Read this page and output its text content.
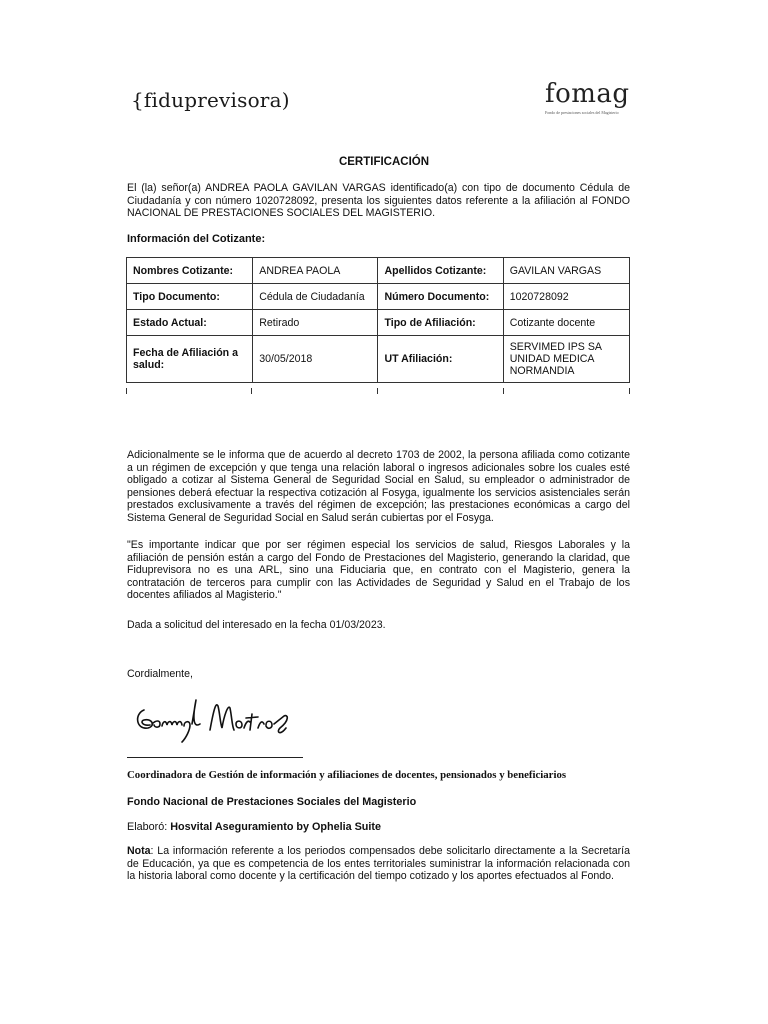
{fiduprevisora)	fomag
Fondo de prestaciones sociales del Magisterio
CERTIFICACIÓN
El (la) señor(a) ANDREA PAOLA GAVILAN VARGAS identificado(a) con tipo de documento Cédula de Ciudadanía y con número 1020728092, presenta los siguientes datos referente a la afiliación al FONDO NACIONAL DE PRESTACIONES SOCIALES DEL MAGISTERIO.
Información del Cotizante:
Nombres Cotizante:	ANDREA PAOLA	Apellidos Cotizante:	GAVILAN VARGAS
Tipo Documento:	Cédula de Ciudadanía	Número Documento:	1020728092
Estado Actual:	Retirado	Tipo de Afiliación:	Cotizante docente
Fecha de Afiliación a salud:	30/05/2018	UT Afiliación:	SERVIMED IPS SA UNIDAD MEDICA NORMANDIA
Adicionalmente se le informa que de acuerdo al decreto 1703 de 2002, la persona afiliada como cotizante a un régimen de excepción y que tenga una relación laboral o ingresos adicionales sobre los cuales esté obligado a cotizar al Sistema General de Seguridad Social en Salud, su empleador o administrador de pensiones deberá efectuar la respectiva cotización al Fosyga, igualmente los servicios asistenciales serán prestados exclusivamente a través del régimen de excepción; las prestaciones económicas a cargo del Sistema General de Seguridad Social en Salud serán cubiertas por el Fosyga.
"Es importante indicar que por ser régimen especial los servicios de salud, Riesgos Laborales y la afiliación de pensión están a cargo del Fondo de Prestaciones del Magisterio, generando la claridad, que Fiduprevisora no es una ARL, sino una Fiduciaria que, en contrato con el Magisterio, genera la contratación de terceros para cumplir con las Actividades de Seguridad y Salud en el Trabajo de los docentes afiliados al Magisterio."
Dada a solicitud del interesado en la fecha 01/03/2023.
Cordialmente,
Coordinadora de Gestión de información y afiliaciones de docentes, pensionados y beneficiarios
Fondo Nacional de Prestaciones Sociales del Magisterio
Elaboró: Hosvital Aseguramiento by Ophelia Suite
Nota: La información referente a los periodos compensados debe solicitarlo directamente a la Secretaría de Educación, ya que es competencia de los entes territoriales suministrar la información relacionada con la historia laboral como docente y la certificación del tiempo cotizado y los aportes efectuados al Fondo.
